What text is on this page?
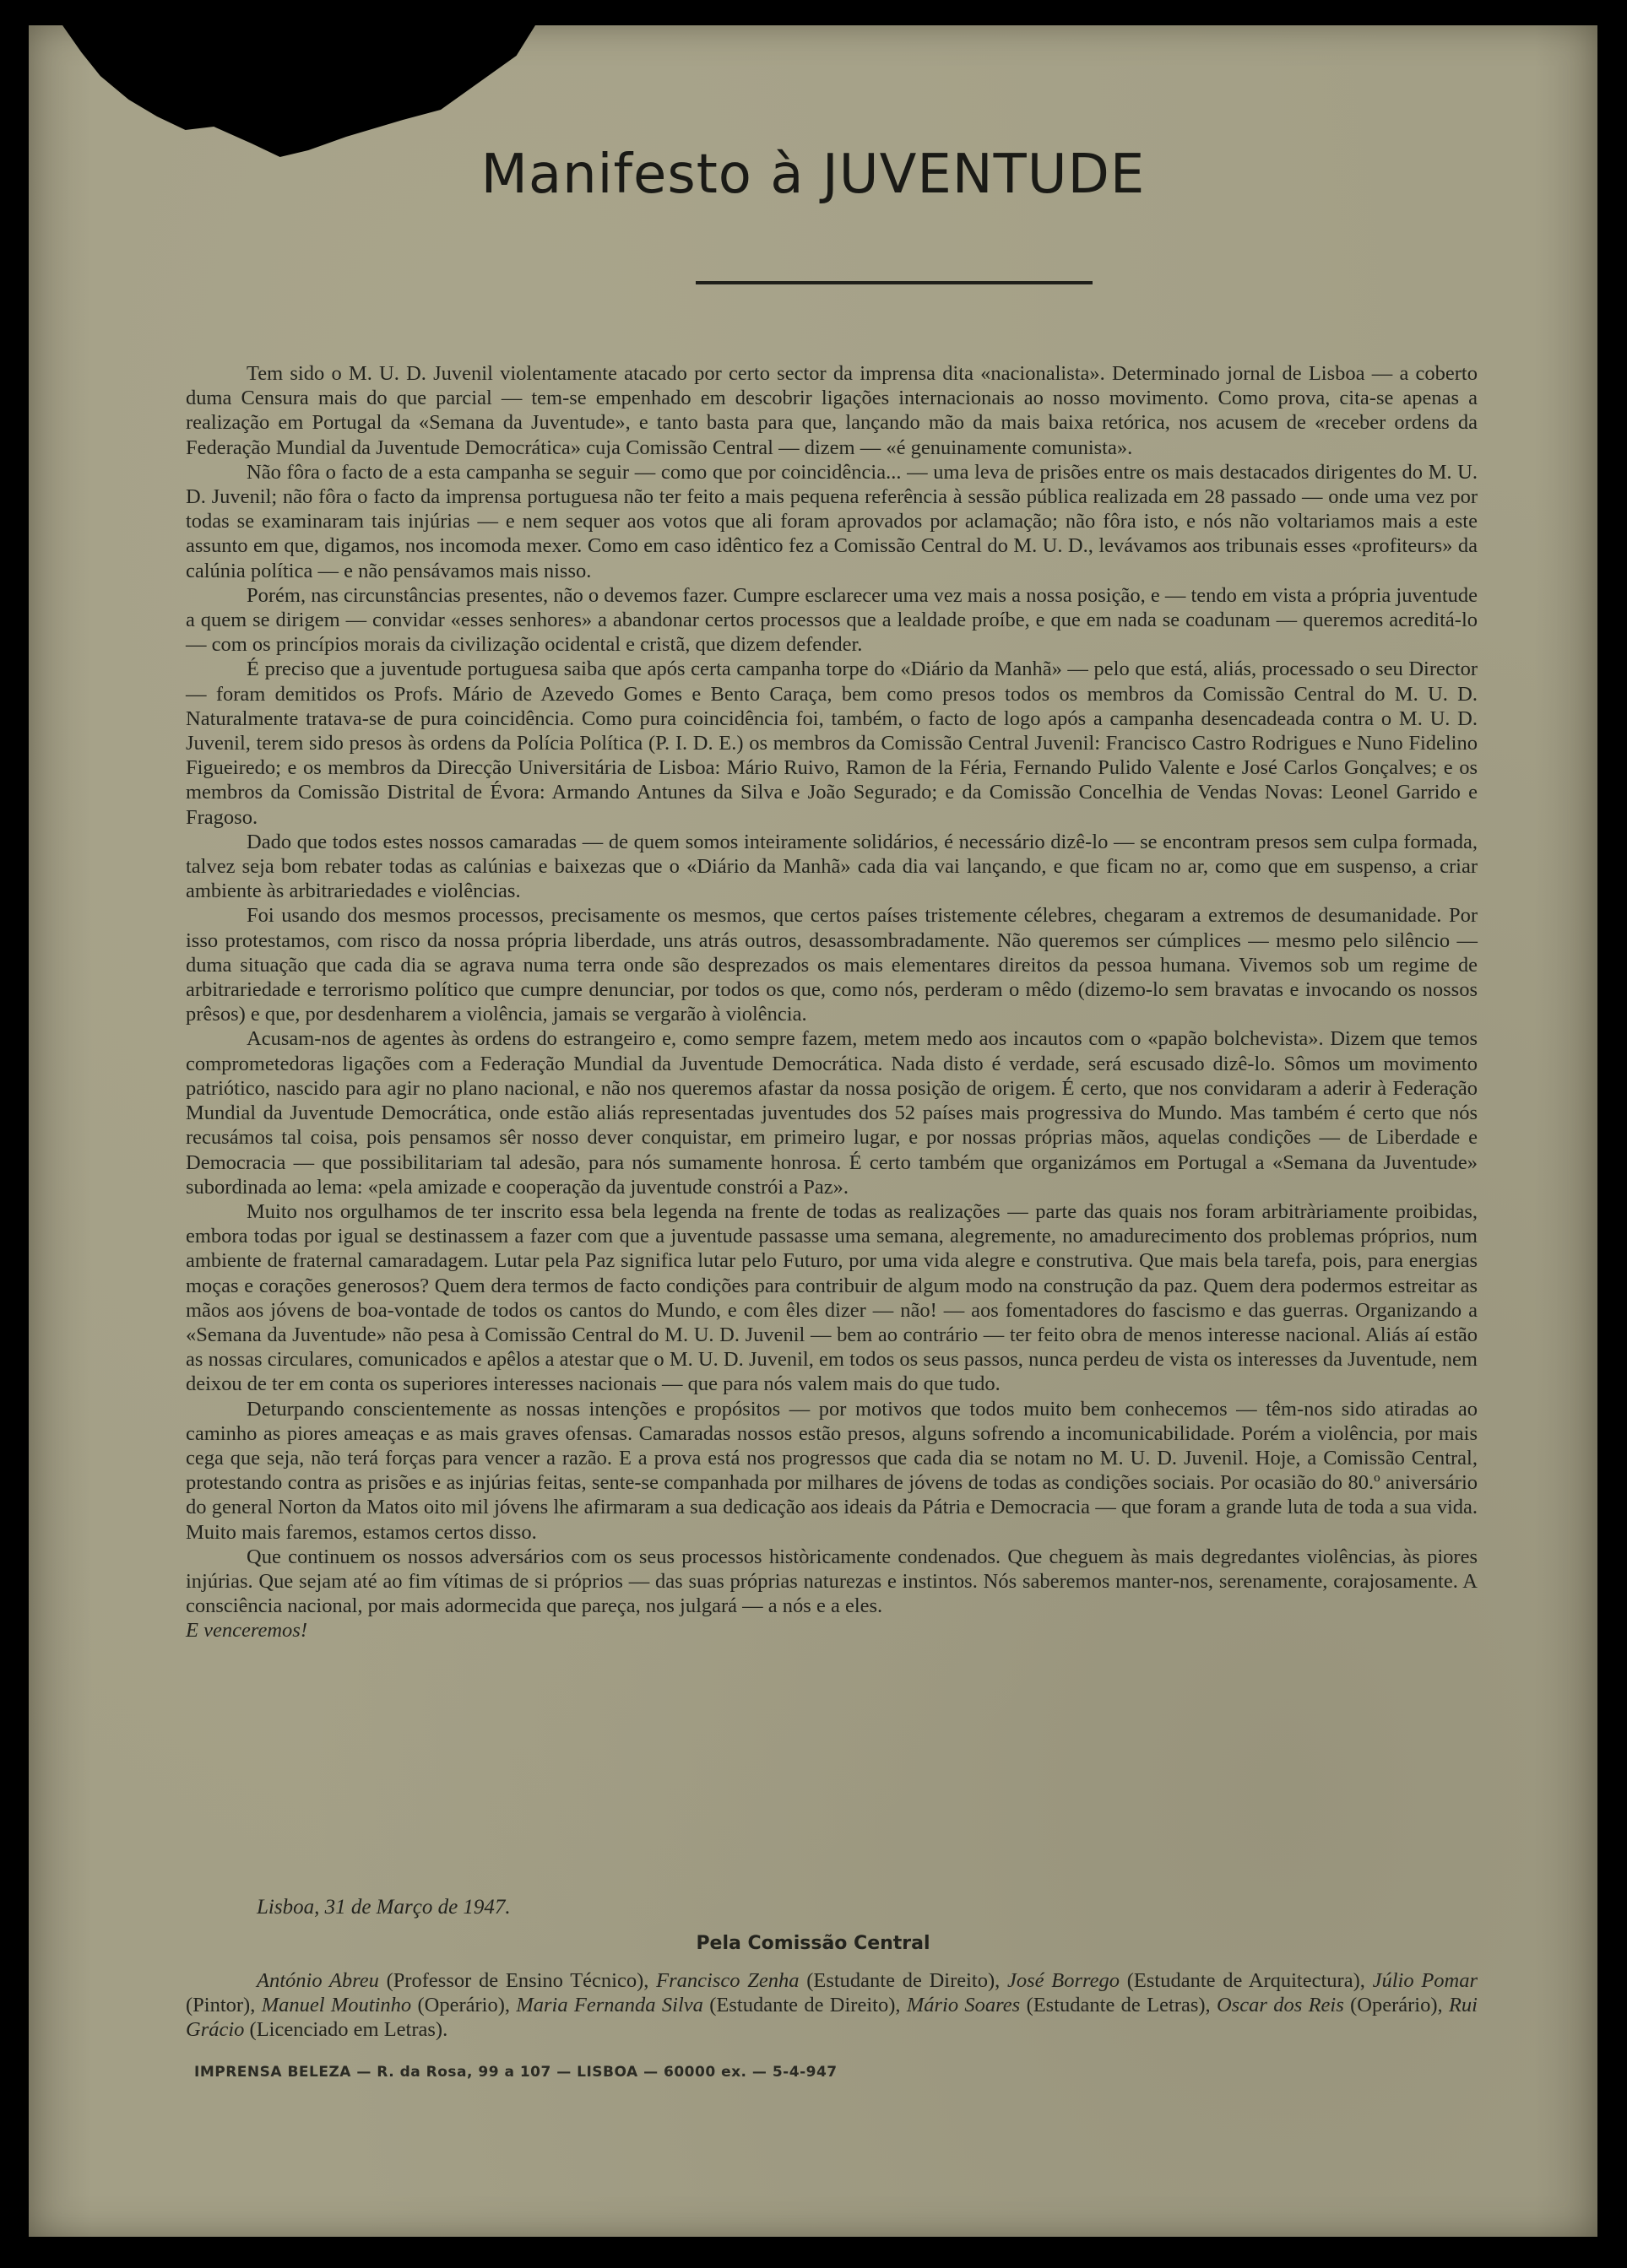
Manifesto à JUVENTUDE

Tem sido o M. U. D. Juvenil violentamente atacado por certo sector da imprensa dita «nacionalista». Determinado jornal de Lisboa — a coberto duma Censura mais do que parcial — tem-se empenhado em descobrir ligações internacionais ao nosso movimento. Como prova, cita-se apenas a realização em Portugal da «Semana da Juventude», e tanto basta para que, lançando mão da mais baixa retórica, nos acusem de «receber ordens da Federação Mundial da Juventude Democrática» cuja Comissão Central — dizem — «é genuinamente comunista».

Não fôra o facto de a esta campanha se seguir — como que por coincidência... — uma leva de prisões entre os mais destacados dirigentes do M. U. D. Juvenil; não fôra o facto da imprensa portuguesa não ter feito a mais pequena referência à sessão pública realizada em 28 passado — onde uma vez por todas se examinaram tais injúrias — e nem sequer aos votos que ali foram aprovados por aclamação; não fôra isto, e nós não voltariamos mais a este assunto em que, digamos, nos incomoda mexer. Como em caso idêntico fez a Comissão Central do M. U. D., levávamos aos tribunais esses «profiteurs» da calúnia política — e não pensávamos mais nisso.

Porém, nas circunstâncias presentes, não o devemos fazer. Cumpre esclarecer uma vez mais a nossa posição, e — tendo em vista a própria juventude a quem se dirigem — convidar «esses senhores» a abandonar certos processos que a lealdade proíbe, e que em nada se coadunam — queremos acreditá-lo — com os princípios morais da civilização ocidental e cristã, que dizem defender.

É preciso que a juventude portuguesa saiba que após certa campanha torpe do «Diário da Manhã» — pelo que está, aliás, processado o seu Director — foram demitidos os Profs. Mário de Azevedo Gomes e Bento Caraça, bem como presos todos os membros da Comissão Central do M. U. D. Naturalmente tratava-se de pura coincidência. Como pura coincidência foi, também, o facto de logo após a campanha desencadeada contra o M. U. D. Juvenil, terem sido presos às ordens da Polícia Política (P. I. D. E.) os membros da Comissão Central Juvenil: Francisco Castro Rodrigues e Nuno Fidelino Figueiredo; e os membros da Direcção Universitária de Lisboa: Mário Ruivo, Ramon de la Féria, Fernando Pulido Valente e José Carlos Gonçalves; e os membros da Comissão Distrital de Évora: Armando Antunes da Silva e João Segurado; e da Comissão Concelhia de Vendas Novas: Leonel Garrido e Fragoso.

Dado que todos estes nossos camaradas — de quem somos inteiramente solidários, é necessário dizê-lo — se encontram presos sem culpa formada, talvez seja bom rebater todas as calúnias e baixezas que o «Diário da Manhã» cada dia vai lançando, e que ficam no ar, como que em suspenso, a criar ambiente às arbitrariedades e violências.

Foi usando dos mesmos processos, precisamente os mesmos, que certos países tristemente célebres, chegaram a extremos de desumanidade. Por isso protestamos, com risco da nossa própria liberdade, uns atrás outros, desassombradamente. Não queremos ser cúmplices — mesmo pelo silêncio — duma situação que cada dia se agrava numa terra onde são desprezados os mais elementares direitos da pessoa humana. Vivemos sob um regime de arbitrariedade e terrorismo político que cumpre denunciar, por todos os que, como nós, perderam o mêdo (dizemo-lo sem bravatas e invocando os nossos prêsos) e que, por desdenharem a violência, jamais se vergarão à violência.

Acusam-nos de agentes às ordens do estrangeiro e, como sempre fazem, metem medo aos incautos com o «papão bolchevista». Dizem que temos comprometedoras ligações com a Federação Mundial da Juventude Democrática. Nada disto é verdade, será escusado dizê-lo. Sômos um movimento patriótico, nascido para agir no plano nacional, e não nos queremos afastar da nossa posição de origem. É certo, que nos convidaram a aderir à Federação Mundial da Juventude Democrática, onde estão aliás representadas juventudes dos 52 países mais progressiva do Mundo. Mas também é certo que nós recusámos tal coisa, pois pensamos sêr nosso dever conquistar, em primeiro lugar, e por nossas próprias mãos, aquelas condições — de Liberdade e Democracia — que possibilitariam tal adesão, para nós sumamente honrosa. É certo também que organizámos em Portugal a «Semana da Juventude» subordinada ao lema: «pela amizade e cooperação da juventude constrói a Paz».

Muito nos orgulhamos de ter inscrito essa bela legenda na frente de todas as realizações — parte das quais nos foram arbitràriamente proibidas, embora todas por igual se destinassem a fazer com que a juventude passasse uma semana, alegremente, no amadurecimento dos problemas próprios, num ambiente de fraternal camaradagem. Lutar pela Paz significa lutar pelo Futuro, por uma vida alegre e construtiva. Que mais bela tarefa, pois, para energias moças e corações generosos? Quem dera termos de facto condições para contribuir de algum modo na construção da paz. Quem dera podermos estreitar as mãos aos jóvens de boa-vontade de todos os cantos do Mundo, e com êles dizer — não! — aos fomentadores do fascismo e das guerras. Organizando a «Semana da Juventude» não pesa à Comissão Central do M. U. D. Juvenil — bem ao contrário — ter feito obra de menos interesse nacional. Aliás aí estão as nossas circulares, comunicados e apêlos a atestar que o M. U. D. Juvenil, em todos os seus passos, nunca perdeu de vista os interesses da Juventude, nem deixou de ter em conta os superiores interesses nacionais — que para nós valem mais do que tudo.

Deturpando conscientemente as nossas intenções e propósitos — por motivos que todos muito bem conhecemos — têm-nos sido atiradas ao caminho as piores ameaças e as mais graves ofensas. Camaradas nossos estão presos, alguns sofrendo a incomunicabilidade. Porém a violência, por mais cega que seja, não terá forças para vencer a razão. E a prova está nos progressos que cada dia se notam no M. U. D. Juvenil. Hoje, a Comissão Central, protestando contra as prisões e as injúrias feitas, sente-se companhada por milhares de jóvens de todas as condições sociais. Por ocasião do 80.º aniversário do general Norton da Matos oito mil jóvens lhe afirmaram a sua dedicação aos ideais da Pátria e Democracia — que foram a grande luta de toda a sua vida. Muito mais faremos, estamos certos disso.

Que continuem os nossos adversários com os seus processos històricamente condenados. Que cheguem às mais degredantes violências, às piores injúrias. Que sejam até ao fim vítimas de si próprios — das suas próprias naturezas e instintos. Nós saberemos manter-nos, serenamente, corajosamente. A consciência nacional, por mais adormecida que pareça, nos julgará — a nós e a eles.

E venceremos!

Lisboa, 31 de Março de 1947.
Pela Comissão Central
António Abreu (Professor de Ensino Técnico), Francisco Zenha (Estudante de Direito), José Borrego (Estudante de Arquitectura), Júlio Pomar (Pintor), Manuel Moutinho (Operário), Maria Fernanda Silva (Estudante de Direito), Mário Soares (Estudante de Letras), Oscar dos Reis (Operário), Rui Grácio (Licenciado em Letras).
IMPRENSA BELEZA — R. da Rosa, 99 a 107 — LISBOA — 60000 ex. — 5-4-947
